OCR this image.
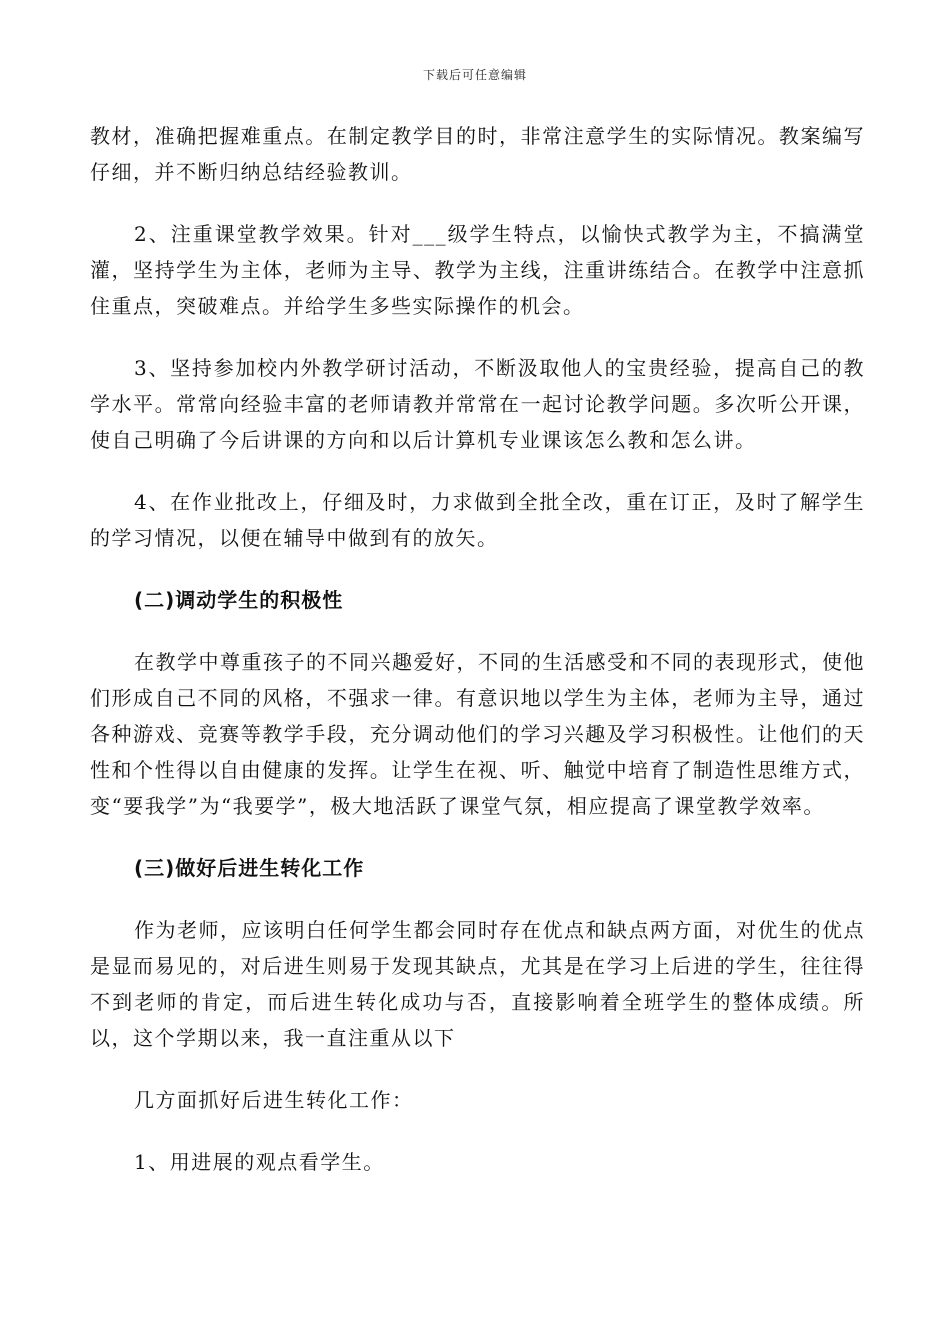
下载后可任意编辑

教材，准确把握难重点。在制定教学目的时，非常注意学生的实际情况。教案编写仔细，并不断归纳总结经验教训。

2、注重课堂教学效果。针对___级学生特点，以愉快式教学为主，不搞满堂灌，坚持学生为主体，老师为主导、教学为主线，注重讲练结合。在教学中注意抓住重点，突破难点。并给学生多些实际操作的机会。

3、坚持参加校内外教学研讨活动，不断汲取他人的宝贵经验，提高自己的教学水平。常常向经验丰富的老师请教并常常在一起讨论教学问题。多次听公开课，使自己明确了今后讲课的方向和以后计算机专业课该怎么教和怎么讲。

4、在作业批改上，仔细及时，力求做到全批全改，重在订正，及时了解学生的学习情况，以便在辅导中做到有的放矢。

(二)调动学生的积极性

在教学中尊重孩子的不同兴趣爱好，不同的生活感受和不同的表现形式，使他们形成自己不同的风格，不强求一律。有意识地以学生为主体，老师为主导，通过各种游戏、竞赛等教学手段，充分调动他们的学习兴趣及学习积极性。让他们的天性和个性得以自由健康的发挥。让学生在视、听、触觉中培育了制造性思维方式，变“要我学”为“我要学”，极大地活跃了课堂气氛，相应提高了课堂教学效率。

(三)做好后进生转化工作

作为老师，应该明白任何学生都会同时存在优点和缺点两方面，对优生的优点是显而易见的，对后进生则易于发现其缺点，尤其是在学习上后进的学生，往往得不到老师的肯定，而后进生转化成功与否，直接影响着全班学生的整体成绩。所以，这个学期以来，我一直注重从以下

几方面抓好后进生转化工作：

1、用进展的观点看学生。
